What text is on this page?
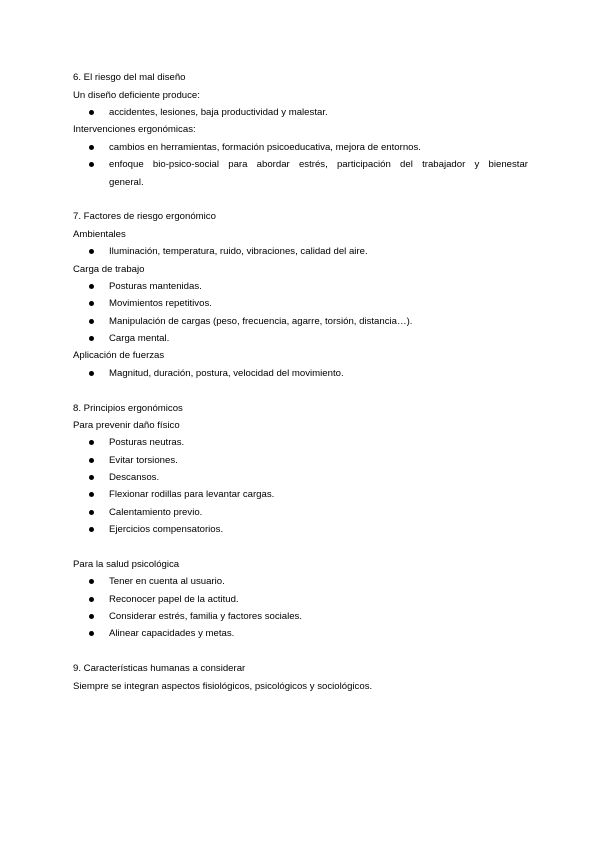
6. El riesgo del mal diseño
Un diseño deficiente produce:
accidentes, lesiones, baja productividad y malestar.
Intervenciones ergonómicas:
cambios en herramientas, formación psicoeducativa, mejora de entornos.
enfoque bio-psico-social para abordar estrés, participación del trabajador y bienestar
general.
7. Factores de riesgo ergonómico
Ambientales
Iluminación, temperatura, ruido, vibraciones, calidad del aire.
Carga de trabajo
Posturas mantenidas.
Movimientos repetitivos.
Manipulación de cargas (peso, frecuencia, agarre, torsión, distancia…).
Carga mental.
Aplicación de fuerzas
Magnitud, duración, postura, velocidad del movimiento.
8. Principios ergonómicos
Para prevenir daño físico
Posturas neutras.
Evitar torsiones.
Descansos.
Flexionar rodillas para levantar cargas.
Calentamiento previo.
Ejercicios compensatorios.
Para la salud psicológica
Tener en cuenta al usuario.
Reconocer papel de la actitud.
Considerar estrés, familia y factores sociales.
Alinear capacidades y metas.
9. Características humanas a considerar
Siempre se integran aspectos fisiológicos, psicológicos y sociológicos.
